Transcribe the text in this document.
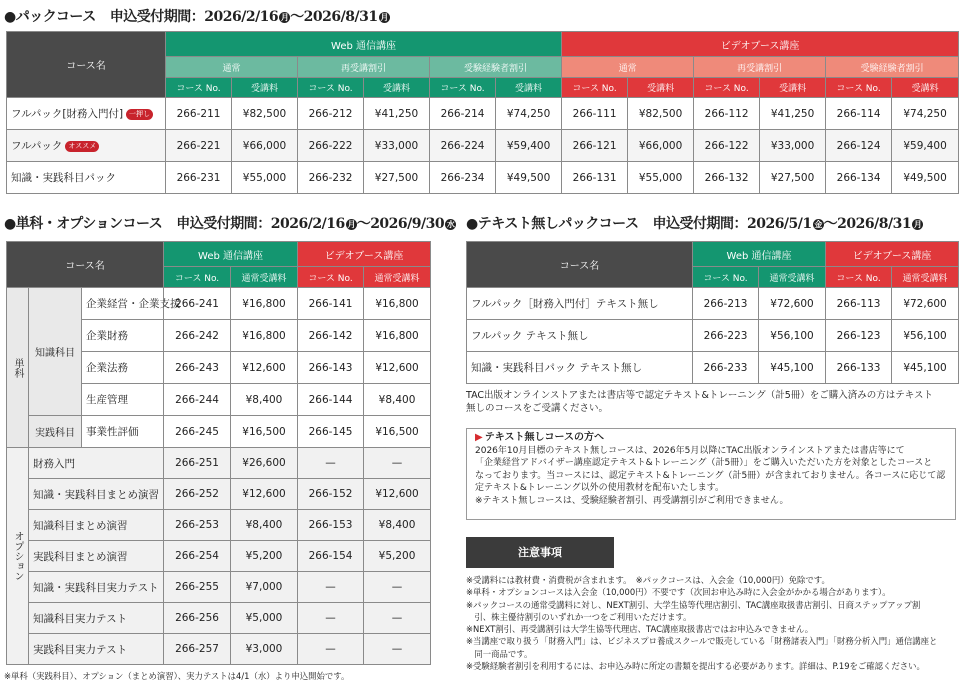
●パックコース 申込受付期間：2026/2/16 月 〜2026/8/31 月
コース名	Web 通信講座						ビデオブース講座					
	通常		再受講割引		受験経験者割引		通常		再受講割引		受験経験者割引	
	コース No.	受講料	コース No.	受講料	コース No.	受講料	コース No.	受講料	コース No.	受講料	コース No.	受講料
フルパック[財務入門付] 一押し	266-211	¥82,500	266-212	¥41,250	266-214	¥74,250	266-111	¥82,500	266-112	¥41,250	266-114	¥74,250
フルパック オススメ	266-221	¥66,000	266-222	¥33,000	266-224	¥59,400	266-121	¥66,000	266-122	¥33,000	266-124	¥59,400
知識・実践科目パック	266-231	¥55,000	266-232	¥27,500	266-234	¥49,500	266-131	¥55,000	266-132	¥27,500	266-134	¥49,500
●単科・オプションコース 申込受付期間：2026/2/16 月 〜2026/9/30 水
コース名			Web 通信講座		ビデオブース講座	
			コース No.	通常受講料	コース No.	通常受講料
単科	知識科目	企業経営・企業支援	266-241	¥16,800	266-141	¥16,800
		企業財務	266-242	¥16,800	266-142	¥16,800
		企業法務	266-243	¥12,600	266-143	¥12,600
		生産管理	266-244	¥8,400	266-144	¥8,400
	実践科目	事業性評価	266-245	¥16,500	266-145	¥16,500
オプション	財務入門		266-251	¥26,600	—	—
	知識・実践科目まとめ演習		266-252	¥12,600	266-152	¥12,600
	知識科目まとめ演習		266-253	¥8,400	266-153	¥8,400
	実践科目まとめ演習		266-254	¥5,200	266-154	¥5,200
	知識・実践科目実力テスト		266-255	¥7,000	—	—
	知識科目実力テスト		266-256	¥5,000	—	—
	実践科目実力テスト		266-257	¥3,000	—	—
※単科（実践科目）、オプション（まとめ演習）、実力テストは4/1（水）より申込開始です。
●テキスト無しパックコース 申込受付期間：2026/5/1 金 〜2026/8/31 月
コース名	Web 通信講座		ビデオブース講座	
	コース No.	通常受講料	コース No.	通常受講料
フルパック［財務入門付］テキスト無し	266-213	¥72,600	266-113	¥72,600
フルパック テキスト無し	266-223	¥56,100	266-123	¥56,100
知識・実践科目パック テキスト無し	266-233	¥45,100	266-133	¥45,100
TAC出版オンラインストアまたは書店等で認定テキスト&トレーニング（計5冊）をご購入済みの方はテキスト
無しのコースをご受講ください。
▶ テキスト無しコースの方へ
2026年10月目標のテキスト無しコースは、2026年5月以降にTAC出版オンラインストアまたは書店等にて
「企業経営アドバイザー講座認定テキスト&トレーニング（計5冊）」をご購入いただいた方を対象としたコースと
なっております。当コースには、認定テキスト&トレーニング（計5冊）が含まれておりません。各コースに応じて認
定テキスト&トレーニング以外の使用教材を配布いたします。
※テキスト無しコースは、受験経験者割引、再受講割引がご利用できません。
注意事項
※受講料には教材費・消費税が含まれます。　※パックコースは、入会金（10,000円）免除です。
※単科・オプションコースは入会金（10,000円）不要です（次回お申込み時に入会金がかかる場合があります）。
※パックコースの通常受講料に対し、NEXT割引、大学生協等代理店割引、TAC講座取扱書店割引、日商ステップアップ割
　引、株主優待割引のいずれか一つをご利用いただけます。
※NEXT割引、再受講割引は大学生協等代理店、TAC講座取扱書店ではお申込みできません。
※当講座で取り扱う「財務入門」は、ビジネスプロ養成スクールで販売している「財務諸表入門」「財務分析入門」通信講座と
　同一商品です。
※受験経験者割引を利用するには、お申込み時に所定の書類を提出する必要があります。詳細は、P.19をご確認ください。
